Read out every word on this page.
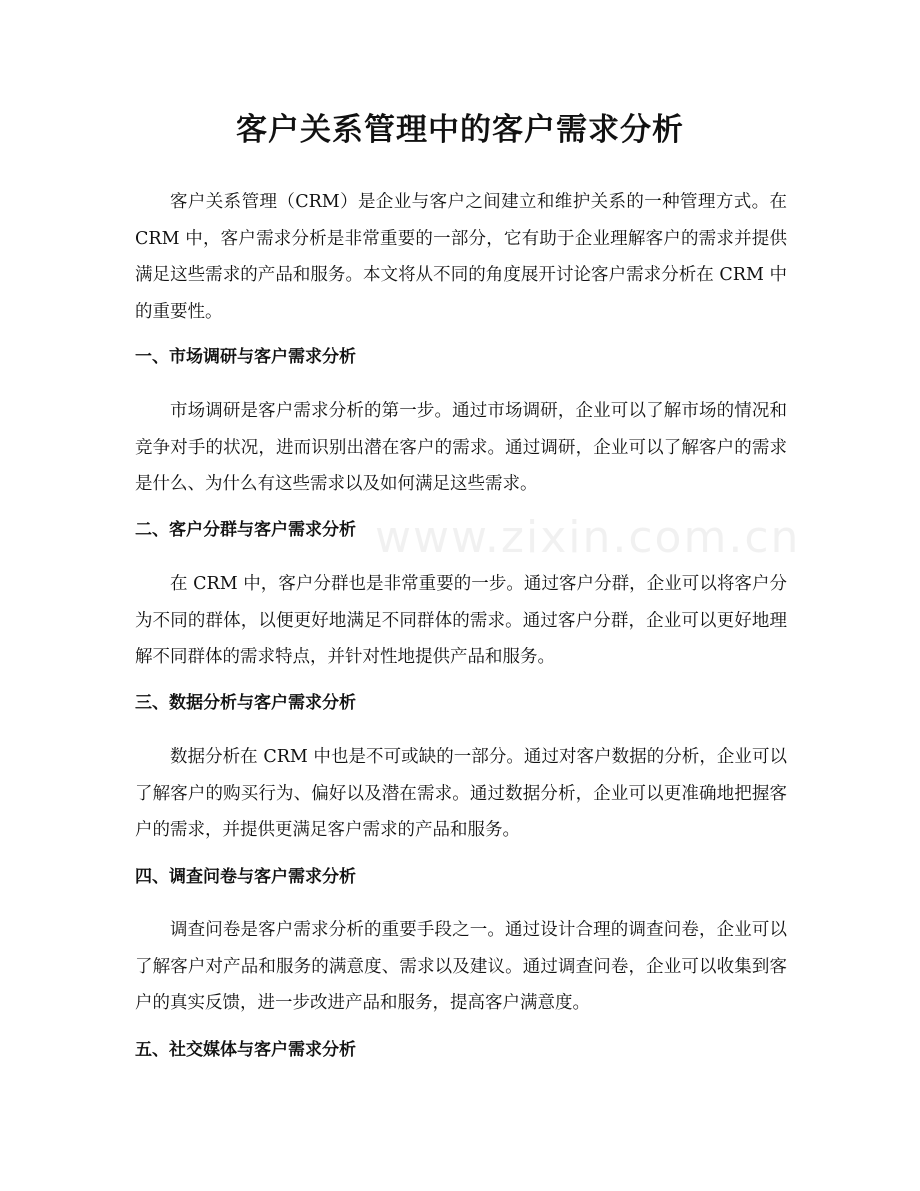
客户关系管理中的客户需求分析

客户关系管理（CRM）是企业与客户之间建立和维护关系的一种管理方式。在 CRM 中，客户需求分析是非常重要的一部分，它有助于企业理解客户的需求并提供满足这些需求的产品和服务。本文将从不同的角度展开讨论客户需求分析在 CRM 中的重要性。

一、市场调研与客户需求分析

市场调研是客户需求分析的第一步。通过市场调研，企业可以了解市场的情况和竞争对手的状况，进而识别出潜在客户的需求。通过调研，企业可以了解客户的需求是什么、为什么有这些需求以及如何满足这些需求。

二、客户分群与客户需求分析

在 CRM 中，客户分群也是非常重要的一步。通过客户分群，企业可以将客户分为不同的群体，以便更好地满足不同群体的需求。通过客户分群，企业可以更好地理解不同群体的需求特点，并针对性地提供产品和服务。

三、数据分析与客户需求分析

数据分析在 CRM 中也是不可或缺的一部分。通过对客户数据的分析，企业可以了解客户的购买行为、偏好以及潜在需求。通过数据分析，企业可以更准确地把握客户的需求，并提供更满足客户需求的产品和服务。

四、调查问卷与客户需求分析

调查问卷是客户需求分析的重要手段之一。通过设计合理的调查问卷，企业可以了解客户对产品和服务的满意度、需求以及建议。通过调查问卷，企业可以收集到客户的真实反馈，进一步改进产品和服务，提高客户满意度。

五、社交媒体与客户需求分析
www.zixin.com.cn
